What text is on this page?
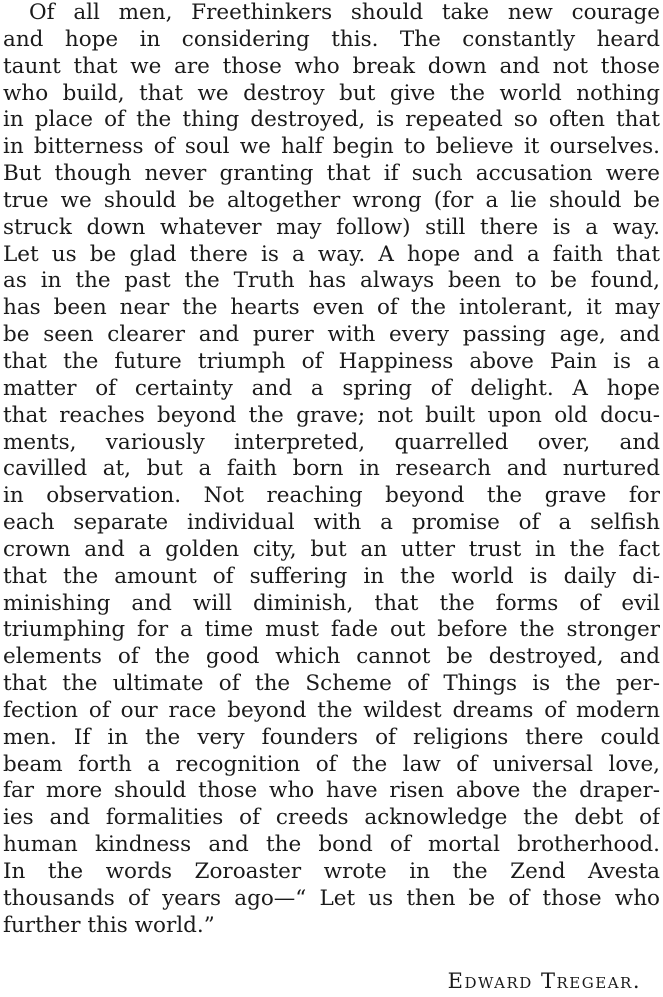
Of all men, Freethinkers should take new courage
and hope in considering this. The constantly heard
taunt that we are those who break down and not those
who build, that we destroy but give the world nothing
in place of the thing destroyed, is repeated so often that
in bitterness of soul we half begin to believe it ourselves.
But though never granting that if such accusation were
true we should be altogether wrong (for a lie should be
struck down whatever may follow) still there is a way.
Let us be glad there is a way. A hope and a faith that
as in the past the Truth has always been to be found,
has been near the hearts even of the intolerant, it may
be seen clearer and purer with every passing age, and
that the future triumph of Happiness above Pain is a
matter of certainty and a spring of delight. A hope
that reaches beyond the grave; not built upon old docu-
ments, variously interpreted, quarrelled over, and
cavilled at, but a faith born in research and nurtured
in observation. Not reaching beyond the grave for
each separate individual with a promise of a selfish
crown and a golden city, but an utter trust in the fact
that the amount of suffering in the world is daily di-
minishing and will diminish, that the forms of evil
triumphing for a time must fade out before the stronger
elements of the good which cannot be destroyed, and
that the ultimate of the Scheme of Things is the per-
fection of our race beyond the wildest dreams of modern
men. If in the very founders of religions there could
beam forth a recognition of the law of universal love,
far more should those who have risen above the draper-
ies and formalities of creeds acknowledge the debt of
human kindness and the bond of mortal brotherhood.
In the words Zoroaster wrote in the Zend Avesta
thousands of years ago—“ Let us then be of those who
further this world.”
Edward Tregear.
